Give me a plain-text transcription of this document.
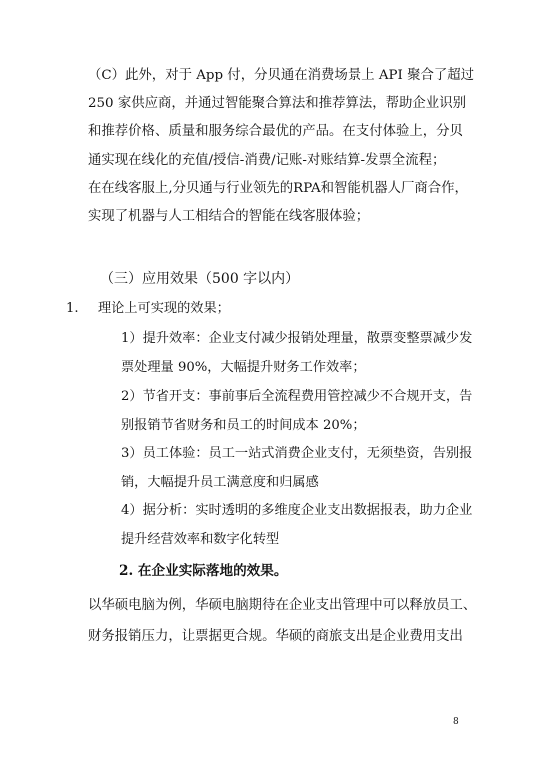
（C）此外，对于 App 付，分贝通在消费场景上 API 聚合了超过
250 家供应商，并通过智能聚合算法和推荐算法，帮助企业识别
和推荐价格、质量和服务综合最优的产品。在支付体验上，分贝
通实现在线化的充值/授信-消费/记账-对账结算-发票全流程；
在在线客服上,分贝通与行业领先的RPA和智能机器人厂商合作，
实现了机器与人工相结合的智能在线客服体验；
（三）应用效果（500 字以内）
1. 理论上可实现的效果；
1）提升效率：企业支付减少报销处理量，散票变整票减少发
票处理量 90%，大幅提升财务工作效率；
2）节省开支：事前事后全流程费用管控减少不合规开支，告
别报销节省财务和员工的时间成本 20%；
3）员工体验：员工一站式消费企业支付，无须垫资，告别报
销，大幅提升员工满意度和归属感
4）据分析：实时透明的多维度企业支出数据报表，助力企业
提升经营效率和数字化转型
2. 在企业实际落地的效果。
以华硕电脑为例，华硕电脑期待在企业支出管理中可以释放员工、
财务报销压力，让票据更合规。华硕的商旅支出是企业费用支出
8
